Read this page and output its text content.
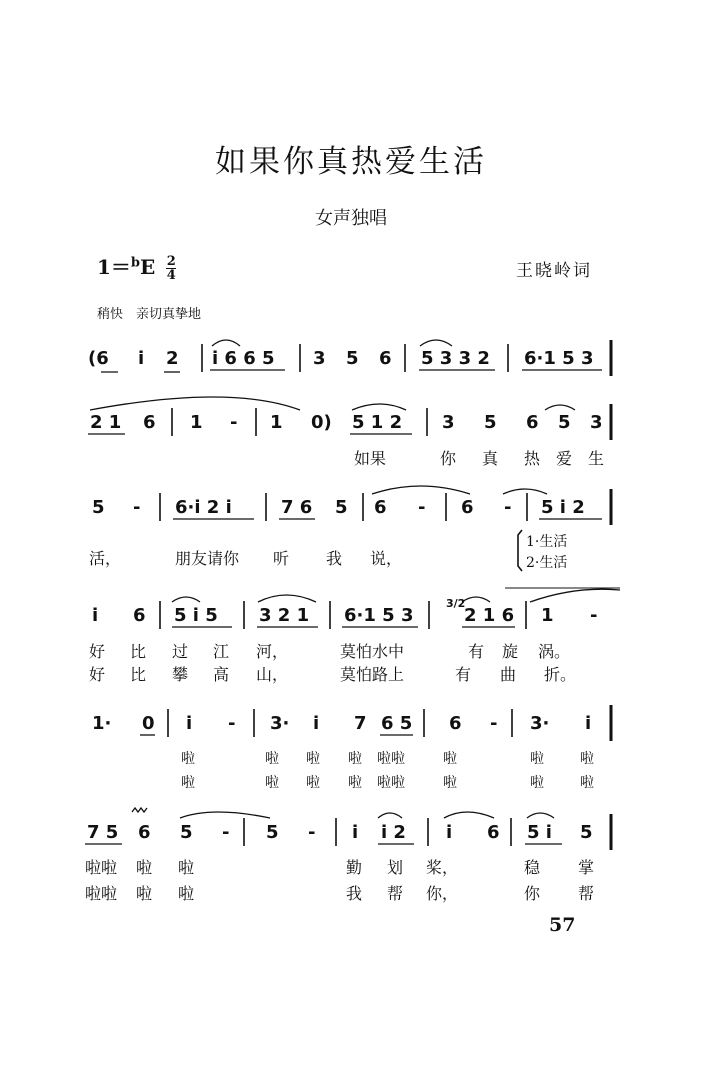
如果你真热爱生活
女声独唱
$1=^bE \frac{2}{4}$	王晓岭词
稍快　亲切真挚地
(6 i 2 i 6 6 5 3 5 6 5 3 3 2 6·1 5 3
2 1 6 1 - 1 0) 5 1 2 3 5 6 5 3
如果	你 真 热 爱 生
5 - 6·i 2 i	7 6 5 6 - 6 - 5 i 2
活，	朋友请你 听 我 说，
1·生活
2·生活
i 6 5 i 5 3 2 1 6·1 5 3
3/2
2 1 6 1 -
好 比 过 江 河，	莫怕水中	有 旋 涡。
好 比 攀 高 山，	莫怕路上	有 曲 折。
1· 0 i - 3· i 7 6 5 6 - 3· i
啦	啦 啦 啦 啦啦	啦	啦	啦
啦	啦 啦 啦 啦啦	啦	啦	啦
7 5 6 5 - 5 - i i 2 i 6 5 i 5
啦啦 啦 啦	勤 划 桨，	稳 掌
啦啦 啦 啦	我 帮 你，	你 帮
57
